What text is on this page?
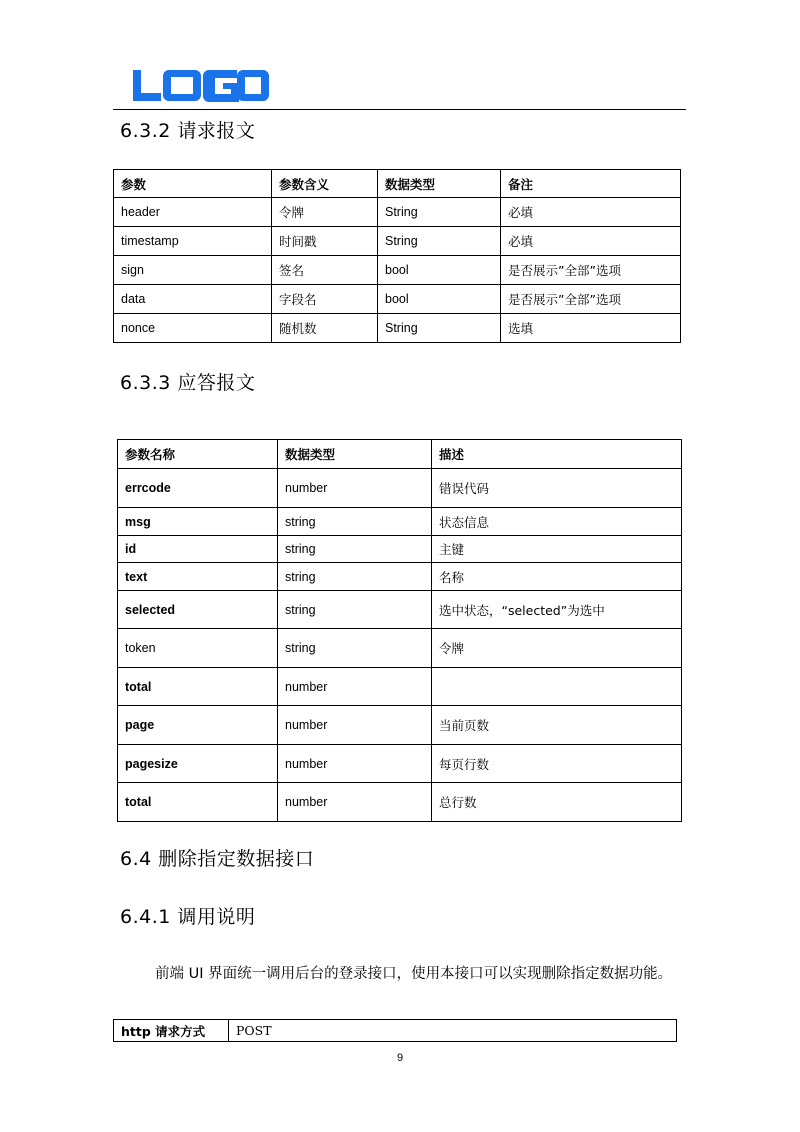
6.3.2 请求报文
参数	参数含义	数据类型	备注
header	令牌	String	必填
timestamp	时间戳	String	必填
sign	签名	bool	是否展示”全部”选项
data	字段名	bool	是否展示”全部”选项
nonce	随机数	String	选填
6.3.3 应答报文
参数名称	数据类型	描述
errcode	number	错误代码
msg	string	状态信息
id	string	主键
text	string	名称
selected	string	选中状态，“selected”为选中
token	string	令牌
total	number	
page	number	当前页数
pagesize	number	每页行数
total	number	总行数
6.4 删除指定数据接口
6.4.1 调用说明

前端 UI 界面统一调用后台的登录接口，使用本接口可以实现删除指定数据功能。

http 请求方式	POST
9
